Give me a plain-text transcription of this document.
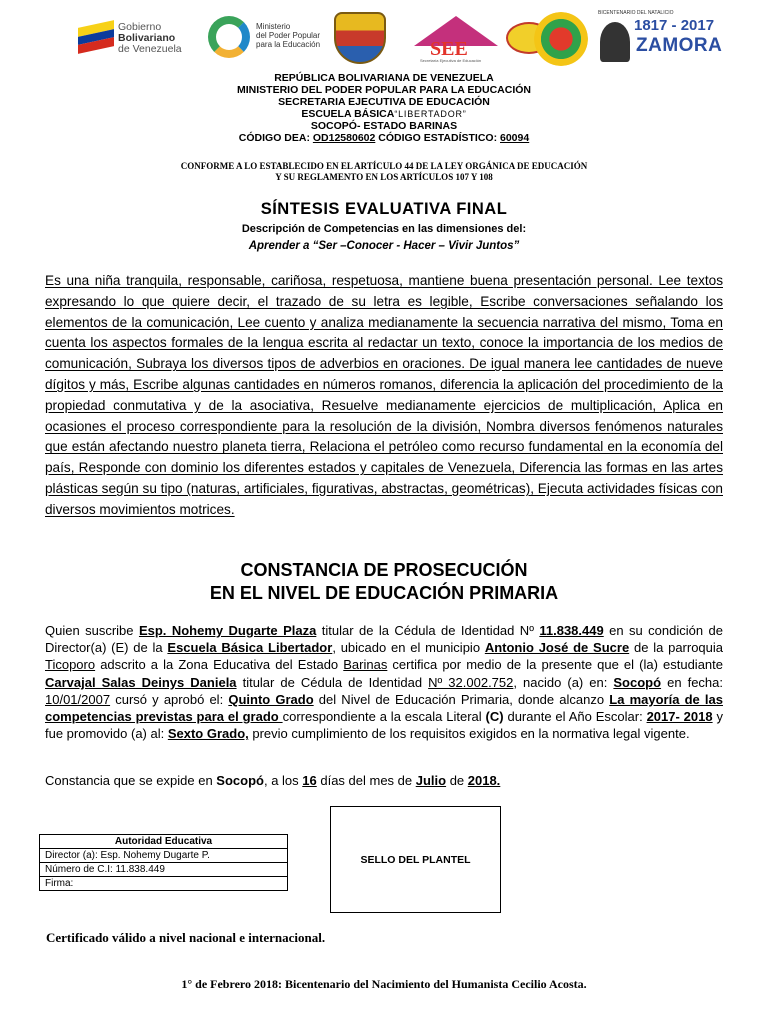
Gobierno
Bolivariano
de Venezuela
Ministerio
del Poder Popular
para la Educación	SEE
Secretaría Ejecutiva de Educación
BICENTENARIO DEL NATALICIO
1817 - 2017
ZAMORA
REPÚBLICA BOLIVARIANA DE VENEZUELA
MINISTERIO DEL PODER POPULAR PARA LA EDUCACIÓN
SECRETARIA EJECUTIVA DE EDUCACIÓN
ESCUELA BÁSICA“LIBERTADOR”
SOCOPÓ- ESTADO BARINAS
CÓDIGO DEA: OD12580602 CÓDIGO ESTADÍSTICO: 60094
CONFORME A LO ESTABLECIDO EN EL ARTÍCULO 44 DE LA LEY ORGÁNICA DE EDUCACIÓN
Y SU REGLAMENTO EN LOS ARTÍCULOS 107 Y 108
SÍNTESIS EVALUATIVA FINAL
Descripción de Competencias en las dimensiones del:
Aprender a “Ser –Conocer - Hacer – Vivir Juntos”
Es una niña tranquila, responsable, cariñosa, respetuosa, mantiene buena presentación personal. Lee textos expresando lo que quiere decir, el trazado de su letra es legible, Escribe conversaciones señalando los elementos de la comunicación, Lee cuento y analiza medianamente la secuencia narrativa del mismo, Toma en cuenta los aspectos formales de la lengua escrita al redactar un texto, conoce la importancia de los medios de comunicación, Subraya los diversos tipos de adverbios en oraciones. De igual manera lee cantidades de nueve dígitos y más, Escribe algunas cantidades en números romanos, diferencia la aplicación del procedimiento de la propiedad conmutativa y de la asociativa, Resuelve medianamente ejercicios de multiplicación, Aplica en ocasiones el proceso correspondiente para la resolución de la división, Nombra diversos fenómenos naturales que están afectando nuestro planeta tierra, Relaciona el petróleo como recurso fundamental en la economía del país, Responde con dominio los diferentes estados y capitales de Venezuela, Diferencia las formas en las artes plásticas según su tipo (naturas, artificiales, figurativas, abstractas, geométricas), Ejecuta actividades físicas con diversos movimientos motrices.
CONSTANCIA DE PROSECUCIÓN
EN EL NIVEL DE EDUCACIÓN PRIMARIA
Quien suscribe Esp. Nohemy Dugarte Plaza titular de la Cédula de Identidad Nº 11.838.449 en su condición de Director(a) (E) de la Escuela Básica Libertador, ubicado en el municipio Antonio José de Sucre de la parroquia Ticoporo adscrito a la Zona Educativa del Estado Barinas certifica por medio de la presente que el (la) estudiante Carvajal Salas Deinys Daniela titular de Cédula de Identidad Nº 32.002.752, nacido (a) en: Socopó en fecha: 10/01/2007 cursó y aprobó el: Quinto Grado del Nivel de Educación Primaria, donde alcanzo La mayoría de las competencias previstas para el grado correspondiente a la escala Literal (C) durante el Año Escolar: 2017- 2018 y fue promovido (a) al: Sexto Grado, previo cumplimiento de los requisitos exigidos en la normativa legal vigente.
Constancia que se expide en Socopó, a los 16 días del mes de Julio de 2018.
Autoridad Educativa
Director (a): Esp. Nohemy Dugarte P.
Número de C.I: 11.838.449
Firma:
SELLO DEL PLANTEL
Certificado válido a nivel nacional e internacional.
1° de Febrero 2018: Bicentenario del Nacimiento del Humanista Cecilio Acosta.
